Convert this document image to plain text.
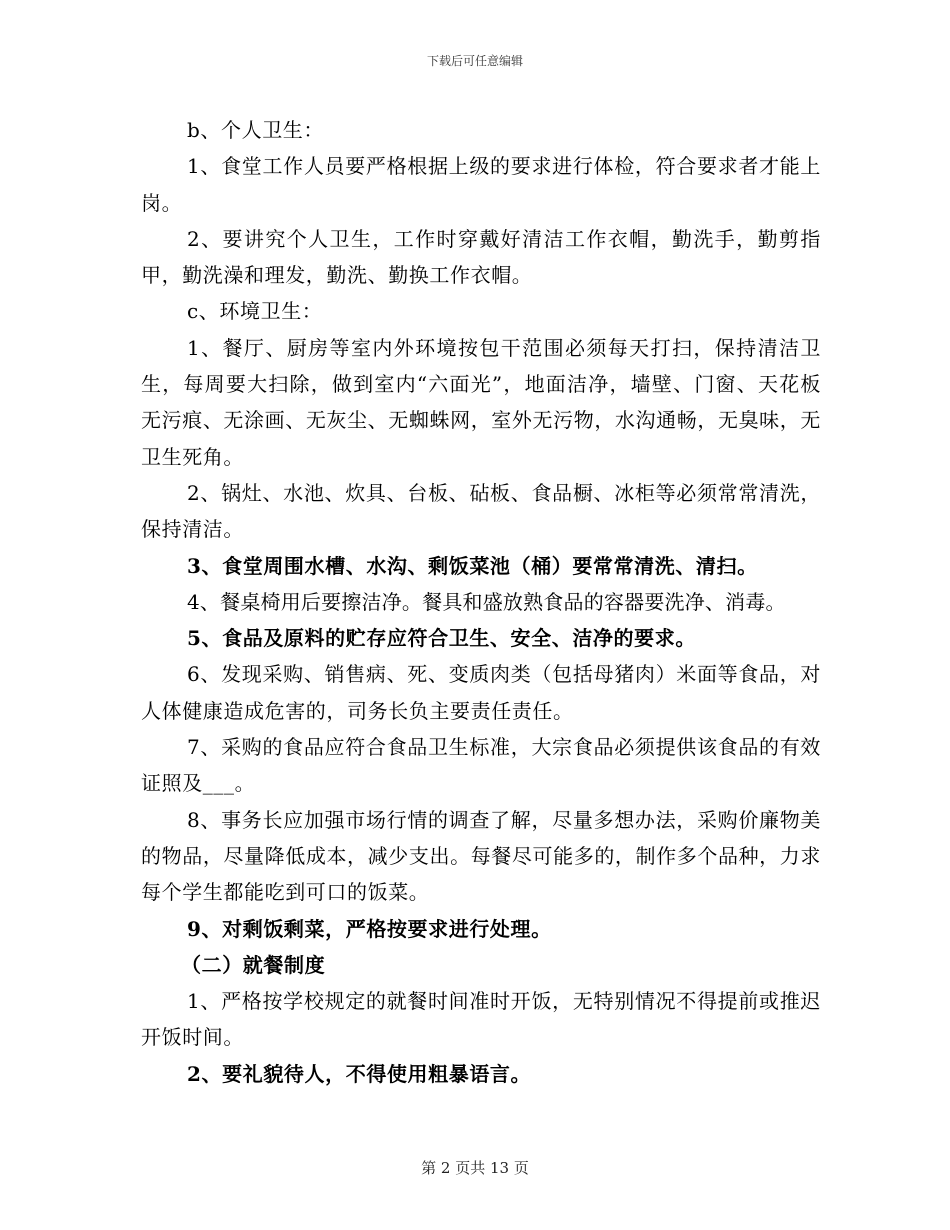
下载后可任意编辑

b、个人卫生：

1、食堂工作人员要严格根据上级的要求进行体检，符合要求者才能上岗。

2、要讲究个人卫生，工作时穿戴好清洁工作衣帽，勤洗手，勤剪指甲，勤洗澡和理发，勤洗、勤换工作衣帽。

c、环境卫生：

1、餐厅、厨房等室内外环境按包干范围必须每天打扫，保持清洁卫生，每周要大扫除，做到室内“六面光”，地面洁净，墙壁、门窗、天花板无污痕、无涂画、无灰尘、无蜘蛛网，室外无污物，水沟通畅，无臭味，无卫生死角。

2、锅灶、水池、炊具、台板、砧板、食品橱、冰柜等必须常常清洗，保持清洁。

3、食堂周围水槽、水沟、剩饭菜池（桶）要常常清洗、清扫。

4、餐桌椅用后要擦洁净。餐具和盛放熟食品的容器要洗净、消毒。

5、食品及原料的贮存应符合卫生、安全、洁净的要求。

6、发现采购、销售病、死、变质肉类（包括母猪肉）米面等食品，对人体健康造成危害的，司务长负主要责任责任。

7、采购的食品应符合食品卫生标准，大宗食品必须提供该食品的有效证照及___。

8、事务长应加强市场行情的调查了解，尽量多想办法，采购价廉物美的物品，尽量降低成本，减少支出。每餐尽可能多的，制作多个品种，力求每个学生都能吃到可口的饭菜。

9、对剩饭剩菜，严格按要求进行处理。

（二）就餐制度

1、严格按学校规定的就餐时间准时开饭，无特别情况不得提前或推迟开饭时间。

2、要礼貌待人，不得使用粗暴语言。

第 2 页共 13 页
